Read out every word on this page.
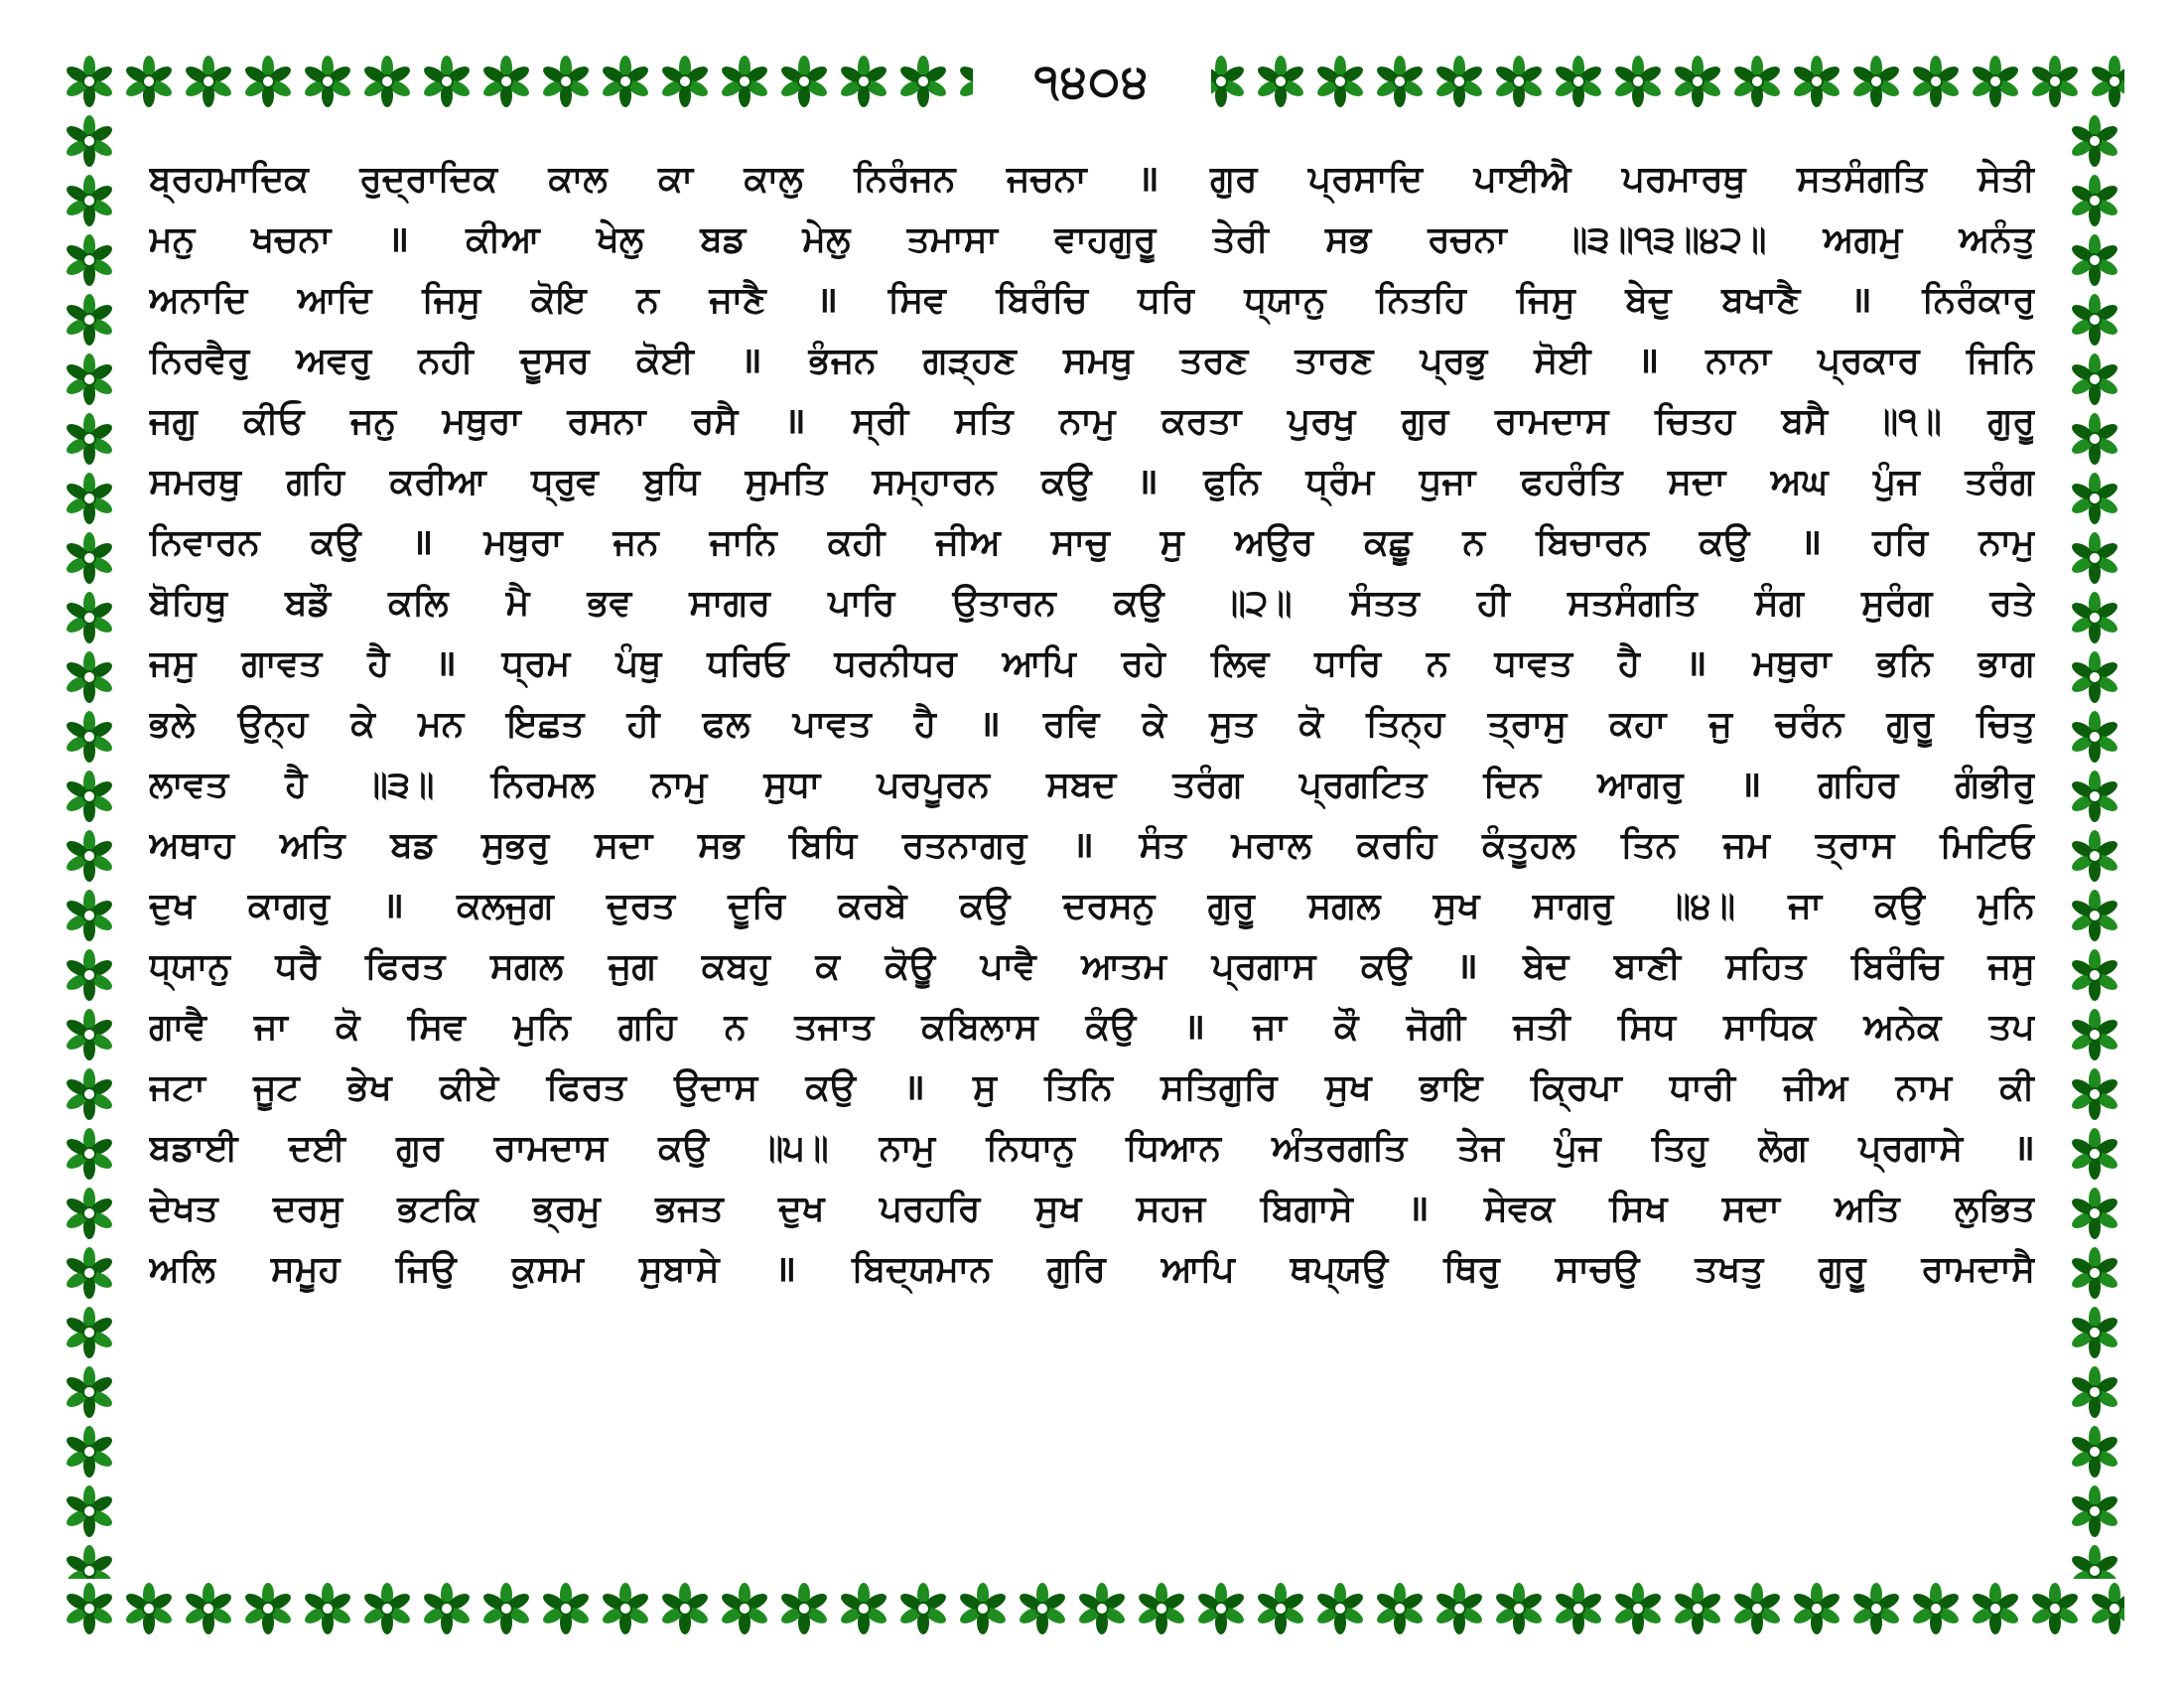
੧੪੦੪
ਬ੍ਰਹਮਾਦਿਕ ਰੁਦ੍ਰਾਦਿਕ ਕਾਲ ਕਾ ਕਾਲੁ ਨਿਰੰਜਨ ਜਚਨਾ ॥ ਗੁਰ ਪ੍ਰਸਾਦਿ ਪਾਈਐ ਪਰਮਾਰਥੁ ਸਤਸੰਗਤਿ ਸੇਤੀ
ਮਨੁ ਖਚਨਾ ॥ ਕੀਆ ਖੇਲੁ ਬਡ ਮੇਲੁ ਤਮਾਸਾ ਵਾਹਗੁਰੂ ਤੇਰੀ ਸਭ ਰਚਨਾ ॥੩॥੧੩॥੪੨॥ ਅਗਮੁ ਅਨੰਤੁ
ਅਨਾਦਿ ਆਦਿ ਜਿਸੁ ਕੋਇ ਨ ਜਾਣੈ ॥ ਸਿਵ ਬਿਰੰਚਿ ਧਰਿ ਧ੍ਯਾਨੁ ਨਿਤਹਿ ਜਿਸੁ ਬੇਦੁ ਬਖਾਣੈ ॥ ਨਿਰੰਕਾਰੁ
ਨਿਰਵੈਰੁ ਅਵਰੁ ਨਹੀ ਦੂਸਰ ਕੋਈ ॥ ਭੰਜਨ ਗੜ੍ਹਣ ਸਮਥੁ ਤਰਣ ਤਾਰਣ ਪ੍ਰਭੁ ਸੋਈ ॥ ਨਾਨਾ ਪ੍ਰਕਾਰ ਜਿਨਿ
ਜਗੁ ਕੀਓ ਜਨੁ ਮਥੁਰਾ ਰਸਨਾ ਰਸੈ ॥ ਸ੍ਰੀ ਸਤਿ ਨਾਮੁ ਕਰਤਾ ਪੁਰਖੁ ਗੁਰ ਰਾਮਦਾਸ ਚਿਤਹ ਬਸੈ ॥੧॥ ਗੁਰੂ
ਸਮਰਥੁ ਗਹਿ ਕਰੀਆ ਧ੍ਰੁਵ ਬੁਧਿ ਸੁਮਤਿ ਸਮ੍ਹਾਰਨ ਕਉ ॥ ਫੁਨਿ ਧ੍ਰੰਮ ਧੁਜਾ ਫਹਰੰਤਿ ਸਦਾ ਅਘ ਪੁੰਜ ਤਰੰਗ
ਨਿਵਾਰਨ ਕਉ ॥ ਮਥੁਰਾ ਜਨ ਜਾਨਿ ਕਹੀ ਜੀਅ ਸਾਚੁ ਸੁ ਅਉਰ ਕਛੂ ਨ ਬਿਚਾਰਨ ਕਉ ॥ ਹਰਿ ਨਾਮੁ
ਬੋਹਿਥੁ ਬਡੌ ਕਲਿ ਮੈ ਭਵ ਸਾਗਰ ਪਾਰਿ ਉਤਾਰਨ ਕਉ ॥੨॥ ਸੰਤਤ ਹੀ ਸਤਸੰਗਤਿ ਸੰਗ ਸੁਰੰਗ ਰਤੇ
ਜਸੁ ਗਾਵਤ ਹੈ ॥ ਧ੍ਰਮ ਪੰਥੁ ਧਰਿਓ ਧਰਨੀਧਰ ਆਪਿ ਰਹੇ ਲਿਵ ਧਾਰਿ ਨ ਧਾਵਤ ਹੈ ॥ ਮਥੁਰਾ ਭਨਿ ਭਾਗ
ਭਲੇ ਉਨ੍ਹ ਕੇ ਮਨ ਇਛਤ ਹੀ ਫਲ ਪਾਵਤ ਹੈ ॥ ਰਵਿ ਕੇ ਸੁਤ ਕੋ ਤਿਨ੍ਹ ਤ੍ਰਾਸੁ ਕਹਾ ਜੁ ਚਰੰਨ ਗੁਰੂ ਚਿਤੁ
ਲਾਵਤ ਹੈ ॥੩॥ ਨਿਰਮਲ ਨਾਮੁ ਸੁਧਾ ਪਰਪੂਰਨ ਸਬਦ ਤਰੰਗ ਪ੍ਰਗਟਿਤ ਦਿਨ ਆਗਰੁ ॥ ਗਹਿਰ ਗੰਭੀਰੁ
ਅਥਾਹ ਅਤਿ ਬਡ ਸੁਭਰੁ ਸਦਾ ਸਭ ਬਿਧਿ ਰਤਨਾਗਰੁ ॥ ਸੰਤ ਮਰਾਲ ਕਰਹਿ ਕੰਤੂਹਲ ਤਿਨ ਜਮ ਤ੍ਰਾਸ ਮਿਟਿਓ
ਦੁਖ ਕਾਗਰੁ ॥ ਕਲਜੁਗ ਦੁਰਤ ਦੂਰਿ ਕਰਬੇ ਕਉ ਦਰਸਨੁ ਗੁਰੂ ਸਗਲ ਸੁਖ ਸਾਗਰੁ ॥੪॥ ਜਾ ਕਉ ਮੁਨਿ
ਧ੍ਯਾਨੁ ਧਰੈ ਫਿਰਤ ਸਗਲ ਜੁਗ ਕਬਹੁ ਕ ਕੋਊ ਪਾਵੈ ਆਤਮ ਪ੍ਰਗਾਸ ਕਉ ॥ ਬੇਦ ਬਾਣੀ ਸਹਿਤ ਬਿਰੰਚਿ ਜਸੁ
ਗਾਵੈ ਜਾ ਕੋ ਸਿਵ ਮੁਨਿ ਗਹਿ ਨ ਤਜਾਤ ਕਬਿਲਾਸ ਕੰਉ ॥ ਜਾ ਕੌ ਜੋਗੀ ਜਤੀ ਸਿਧ ਸਾਧਿਕ ਅਨੇਕ ਤਪ
ਜਟਾ ਜੂਟ ਭੇਖ ਕੀਏ ਫਿਰਤ ਉਦਾਸ ਕਉ ॥ ਸੁ ਤਿਨਿ ਸਤਿਗੁਰਿ ਸੁਖ ਭਾਇ ਕ੍ਰਿਪਾ ਧਾਰੀ ਜੀਅ ਨਾਮ ਕੀ
ਬਡਾਈ ਦਈ ਗੁਰ ਰਾਮਦਾਸ ਕਉ ॥੫॥ ਨਾਮੁ ਨਿਧਾਨੁ ਧਿਆਨ ਅੰਤਰਗਤਿ ਤੇਜ ਪੁੰਜ ਤਿਹੁ ਲੋਗ ਪ੍ਰਗਾਸੇ ॥
ਦੇਖਤ ਦਰਸੁ ਭਟਕਿ ਭ੍ਰਮੁ ਭਜਤ ਦੁਖ ਪਰਹਰਿ ਸੁਖ ਸਹਜ ਬਿਗਾਸੇ ॥ ਸੇਵਕ ਸਿਖ ਸਦਾ ਅਤਿ ਲੁਭਿਤ
ਅਲਿ ਸਮੂਹ ਜਿਉ ਕੁਸਮ ਸੁਬਾਸੇ ॥ ਬਿਦ੍ਯਮਾਨ ਗੁਰਿ ਆਪਿ ਥਪ੍ਯਉ ਥਿਰੁ ਸਾਚਉ ਤਖਤੁ ਗੁਰੂ ਰਾਮਦਾਸੈ
